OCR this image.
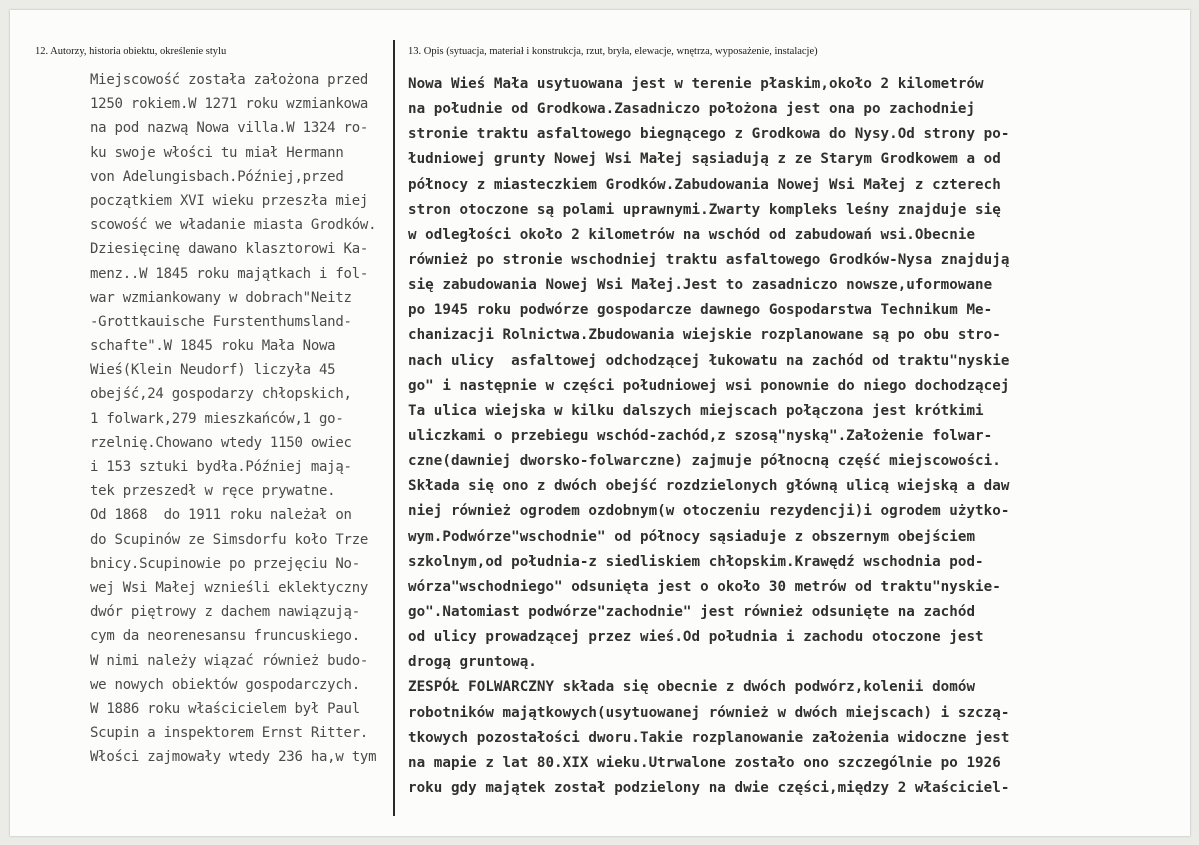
12. Autorzy, historia obiektu, określenie stylu
Miejscowość została założona przed
1250 rokiem.W 1271 roku wzmiankowa
na pod nazwą Nowa villa.W 1324 ro-
ku swoje włości tu miał Hermann
von Adelungisbach.Później,przed
początkiem XVI wieku przeszła miej
scowość we władanie miasta Grodków.
Dziesięcinę dawano klasztorowi Ka-
menz..W 1845 roku majątkach i fol-
war wzmiankowany w dobrach"Neitz
-Grottkauische Furstenthumsland-
schafte".W 1845 roku Mała Nowa
Wieś(Klein Neudorf) liczyła 45
obejść,24 gospodarzy chłopskich,
1 folwark,279 mieszkańców,1 go-
rzelnię.Chowano wtedy 1150 owiec
i 153 sztuki bydła.Później mają-
tek przeszedł w ręce prywatne.
Od 1868  do 1911 roku należał on
do Scupinów ze Simsdorfu koło Trze
bnicy.Scupinowie po przejęciu No-
wej Wsi Małej wznieśli eklektyczny
dwór piętrowy z dachem nawiązują-
cym da neorenesansu fruncuskiego.
W nimi należy wiązać również budo-
we nowych obiektów gospodarczych.
W 1886 roku właścicielem był Paul
Scupin a inspektorem Ernst Ritter.
Włości zajmowały wtedy 236 ha,w tym
13. Opis (sytuacja, materiał i konstrukcja, rzut, bryła, elewacje, wnętrza, wyposażenie, instalacje)
Nowa Wieś Mała usytuowana jest w terenie płaskim,około 2 kilometrów
na południe od Grodkowa.Zasadniczo położona jest ona po zachodniej
stronie traktu asfaltowego biegnącego z Grodkowa do Nysy.Od strony po-
łudniowej grunty Nowej Wsi Małej sąsiadują z ze Starym Grodkowem a od
północy z miasteczkiem Grodków.Zabudowania Nowej Wsi Małej z czterech
stron otoczone są polami uprawnymi.Zwarty kompleks leśny znajduje się
w odległości około 2 kilometrów na wschód od zabudowań wsi.Obecnie
również po stronie wschodniej traktu asfaltowego Grodków-Nysa znajdują
się zabudowania Nowej Wsi Małej.Jest to zasadniczo nowsze,uformowane
po 1945 roku podwórze gospodarcze dawnego Gospodarstwa Technikum Me-
chanizacji Rolnictwa.Zbudowania wiejskie rozplanowane są po obu stro-
nach ulicy  asfaltowej odchodzącej łukowatu na zachód od traktu"nyskie
go" i następnie w części południowej wsi ponownie do niego dochodzącej
Ta ulica wiejska w kilku dalszych miejscach połączona jest krótkimi
uliczkami o przebiegu wschód-zachód,z szosą"nyską".Założenie folwar-
czne(dawniej dworsko-folwarczne) zajmuje północną część miejscowości.
Składa się ono z dwóch obejść rozdzielonych główną ulicą wiejską a daw
niej również ogrodem ozdobnym(w otoczeniu rezydencji)i ogrodem użytko-
wym.Podwórze"wschodnie" od północy sąsiaduje z obszernym obejściem
szkolnym,od południa-z siedliskiem chłopskim.Krawędź wschodnia pod-
wórza"wschodniego" odsunięta jest o około 30 metrów od traktu"nyskie-
go".Natomiast podwórze"zachodnie" jest również odsunięte na zachód
od ulicy prowadzącej przez wieś.Od południa i zachodu otoczone jest
drogą gruntową.
ZESPÓŁ FOLWARCZNY składa się obecnie z dwóch podwórz,kolenii domów
robotników majątkowych(usytuowanej również w dwóch miejscach) i szczą-
tkowych pozostałości dworu.Takie rozplanowanie założenia widoczne jest
na mapie z lat 80.XIX wieku.Utrwalone zostało ono szczególnie po 1926
roku gdy majątek został podzielony na dwie części,między 2 właściciel-
